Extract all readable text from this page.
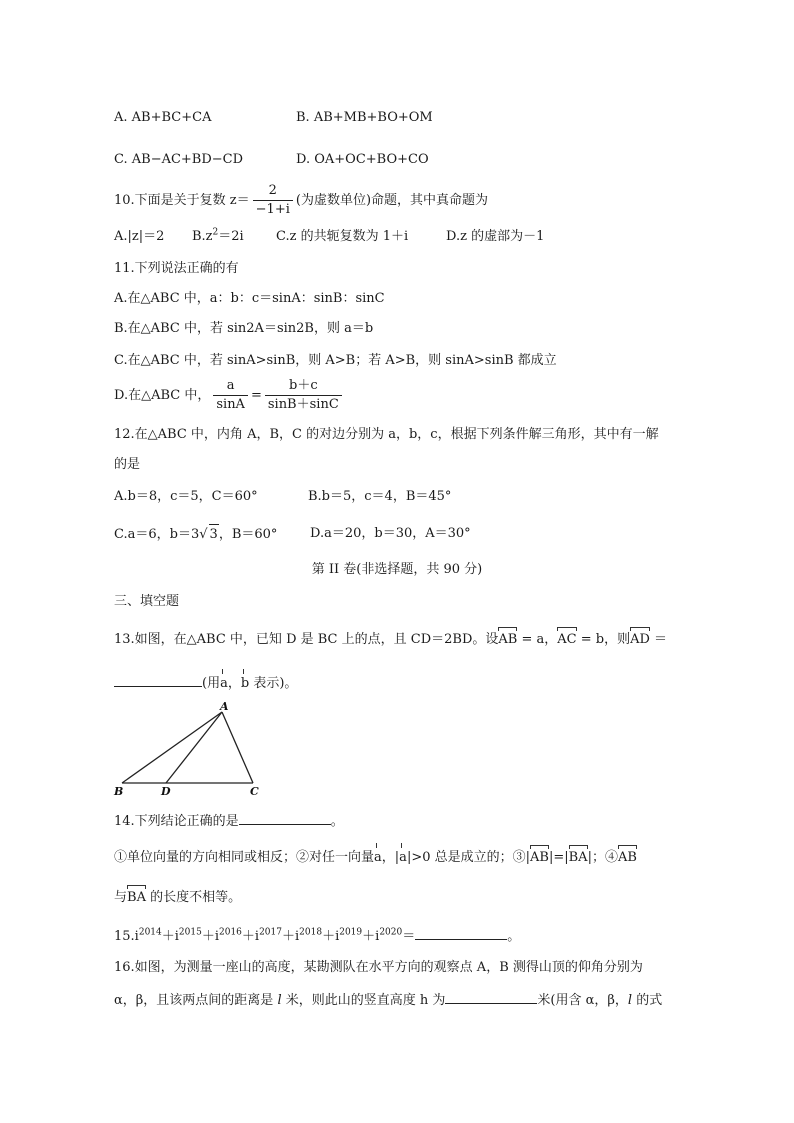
A. AB+BC+CA	B. AB+MB+BO+OM
C. AB−AC+BD−CD	D. OA+OC+BO+CO
10.下面是关于复数 $z= \frac{2}{-1+i}$ (为虚数单位)命题，其中真命题为
A.|z|＝2 $B.z^2=2i$ C.z 的共轭复数为 1＋i	D.z 的虚部为－1
11.下列说法正确的有
A.在△ABC 中，a：b：c＝sinA：sinB：sinC
B.在△ABC 中，若 sin2A＝sin2B，则 a＝b
C.在△ABC 中，若 sinA>sinB，则 A>B；若 A>B，则 sinA>sinB 都成立
D.在△ABC 中， $\frac{a}{\sin A} = \frac{b+c}{\sin B+\sin C}$
12.在△ABC 中，内角 A，B，C 的对边分别为 a，b，c，根据下列条件解三角形，其中有一解
的是
A.b＝8，c＝5，C＝60°	B.b＝5，c＝4，B＝45°
C.a＝6，b＝3√ 3，B＝60°	D.a＝20，b＝30，A＝30°
第 II 卷(非选择题，共 90 分)
三、填空题
13.如图，在△ABC 中，已知 D 是 BC 上的点，且 CD＝2BD。设AB = a，AC = b，则AD ＝
(用a，b 表示)。
A
B	D	C
14.下列结论正确的是	。
①单位向量的方向相同或相反；②对任一向量a，|a|>0 总是成立的；③|AB|=|BA|；④AB
与BA 的长度不相等。
$15.i^{2014}+i^{2015}+i^{2016}+i^{2017}+i^{2018}+i^{2019}+i^{2020}=$	。
16.如图，为测量一座山的高度，某勘测队在水平方向的观察点 A，B 测得山顶的仰角分别为
α，β，且该两点间的距离是 l 米，则此山的竖直高度 h 为	米(用含 α，β，l 的式
